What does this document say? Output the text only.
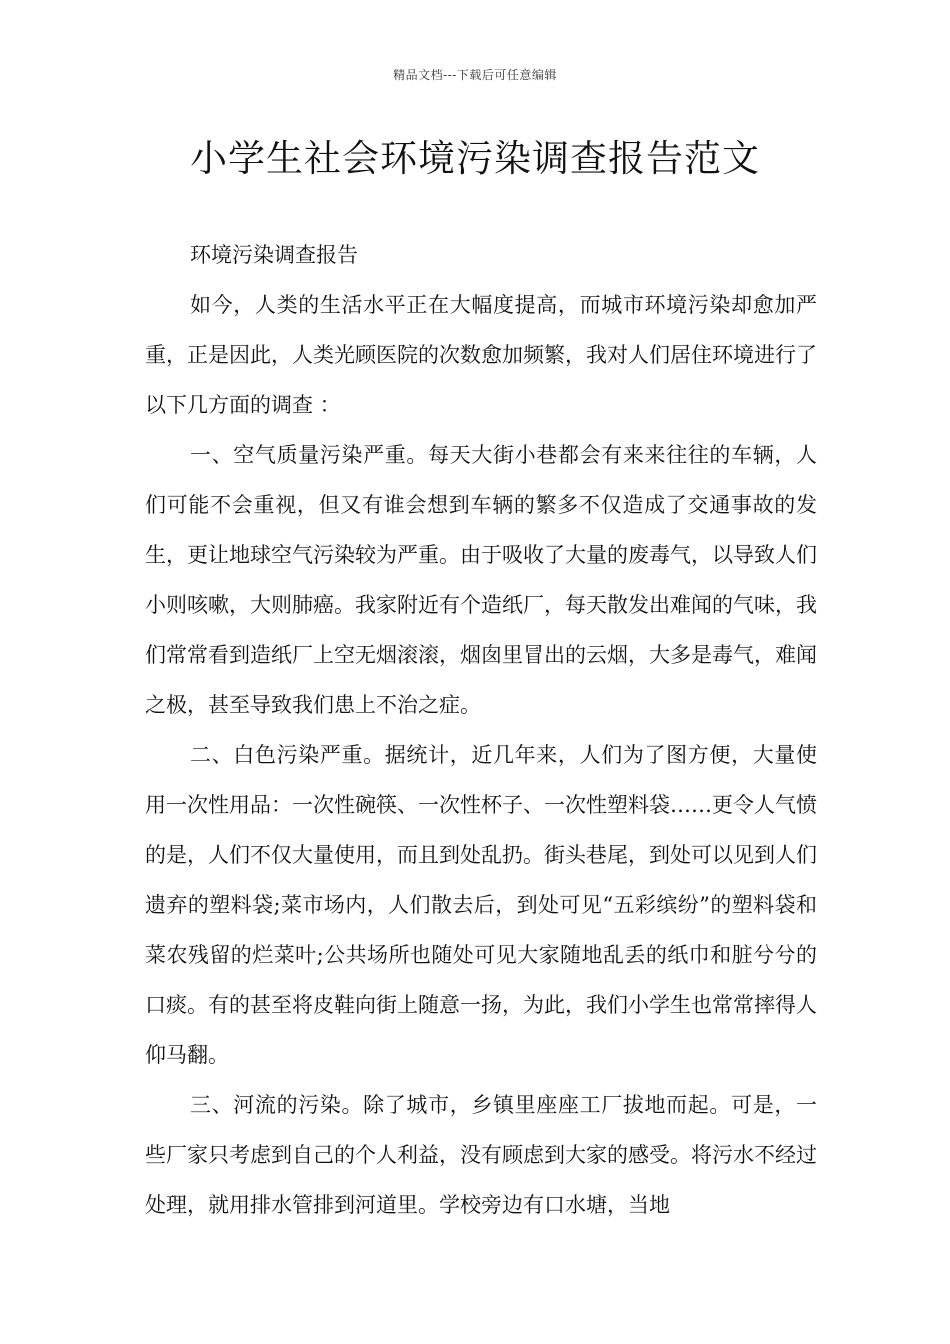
精品文档---下载后可任意编辑
小学生社会环境污染调查报告范文

环境污染调查报告

如今，人类的生活水平正在大幅度提高，而城市环境污染却愈加严重，正是因此，人类光顾医院的次数愈加频繁，我对人们居住环境进行了以下几方面的调查 ：

一、空气质量污染严重。每天大街小巷都会有来来往往的车辆，人们可能不会重视，但又有谁会想到车辆的繁多不仅造成了交通事故的发生，更让地球空气污染较为严重。由于吸收了大量的废毒气，以导致人们小则咳嗽，大则肺癌。我家附近有个造纸厂，每天散发出难闻的气味，我们常常看到造纸厂上空无烟滚滚，烟囱里冒出的云烟，大多是毒气，难闻之极，甚至导致我们患上不治之症。

二、白色污染严重。据统计，近几年来，人们为了图方便，大量使用一次性用品：一次性碗筷、一次性杯子、一次性塑料袋……更令人气愤的是，人们不仅大量使用，而且到处乱扔。街头巷尾，到处可以见到人们遗弃的塑料袋;菜市场内，人们散去后，到处可见“五彩缤纷”的塑料袋和菜农残留的烂菜叶;公共场所也随处可见大家随地乱丢的纸巾和脏兮兮的口痰。有的甚至将皮鞋向街上随意一扬，为此，我们小学生也常常摔得人仰马翻。

三、河流的污染。除了城市，乡镇里座座工厂拔地而起。可是，一些厂家只考虑到自己的个人利益，没有顾虑到大家的感受。将污水不经过处理，就用排水管排到河道里。学校旁边有口水塘，当地
